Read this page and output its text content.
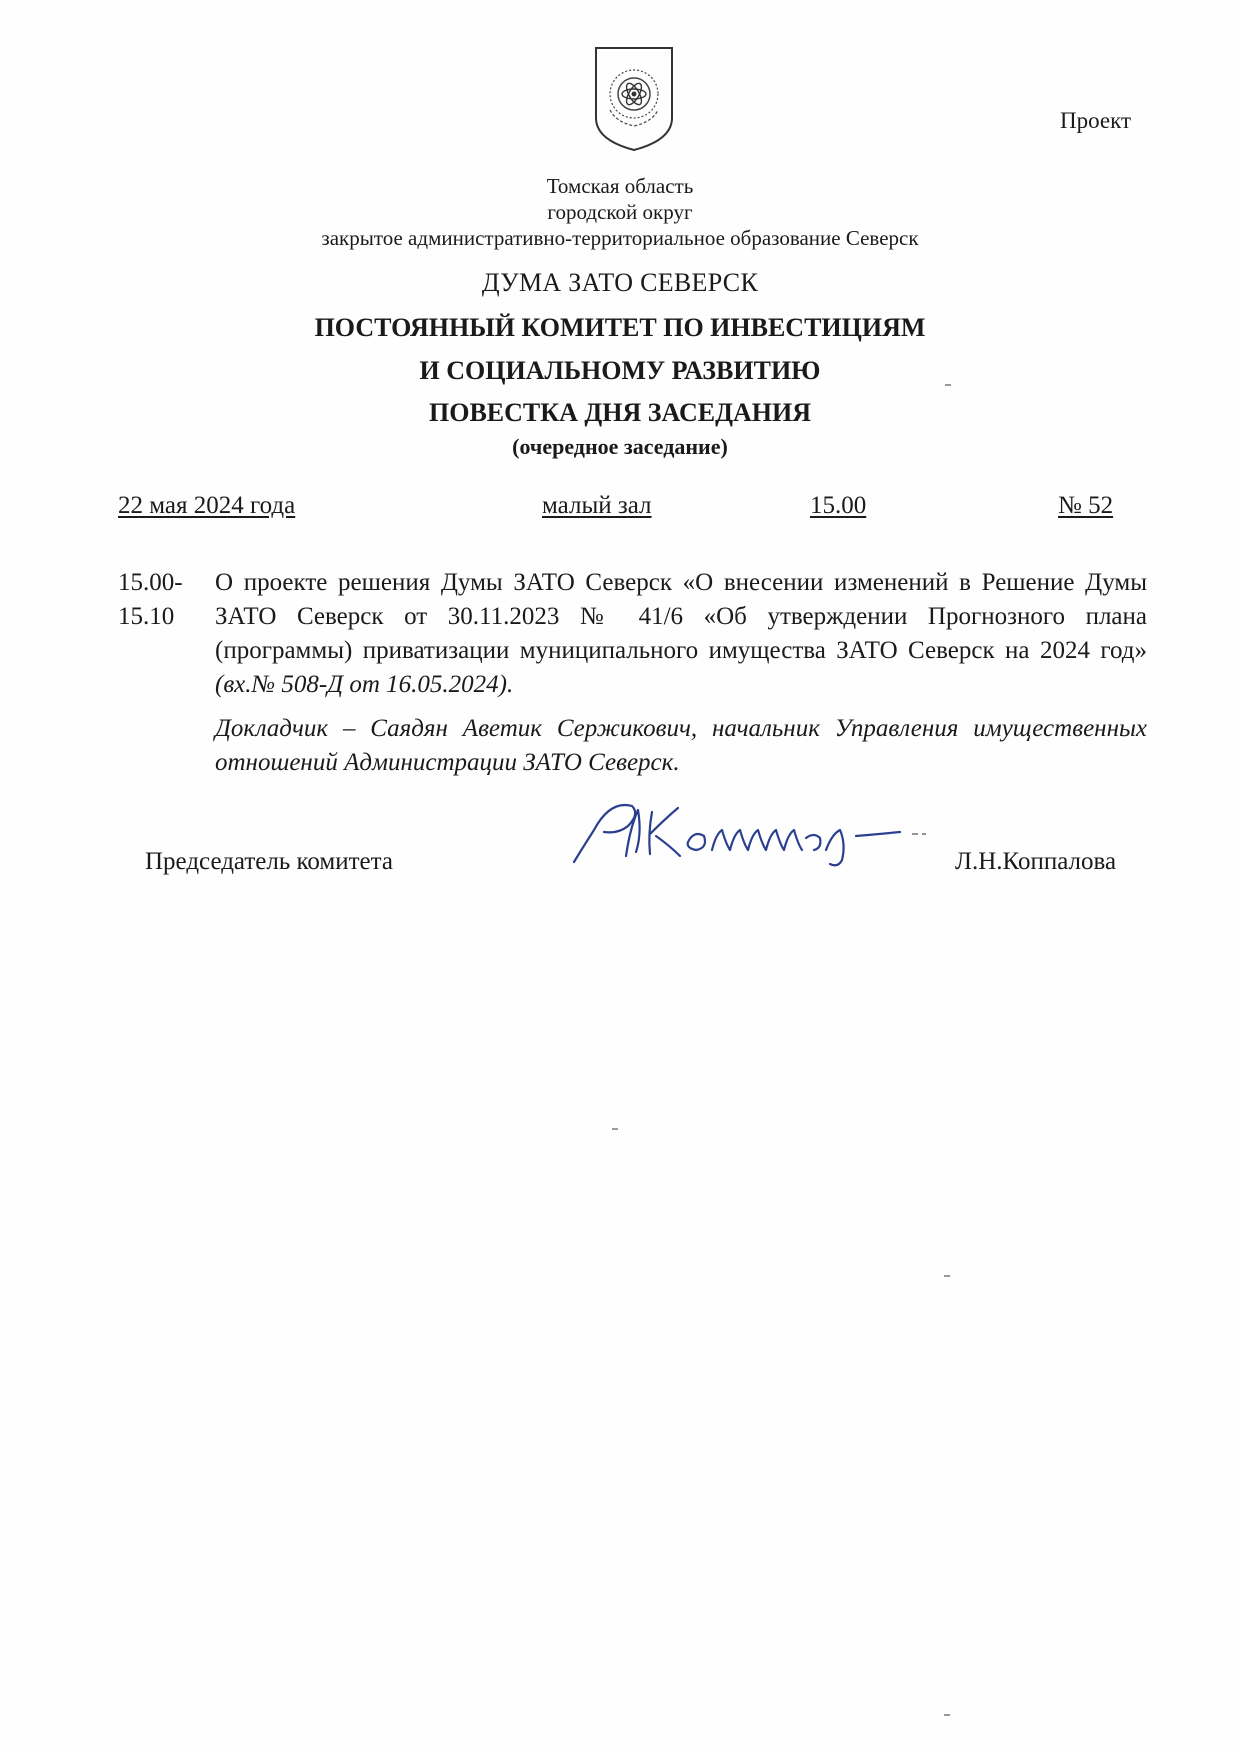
Проект
Томская область
городской округ
закрытое административно-территориальное образование Северск
ДУМА ЗАТО СЕВЕРСК
ПОСТОЯННЫЙ КОМИТЕТ ПО ИНВЕСТИЦИЯМ
И СОЦИАЛЬНОМУ РАЗВИТИЮ
ПОВЕСТКА ДНЯ ЗАСЕДАНИЯ
(очередное заседание)
22 мая 2024 года	малый зал	15.00	№ 52
15.00-
15.10

О проекте решения Думы ЗАТО Северск «О внесении изменений в Решение Думы ЗАТО Северск от 30.11.2023 № 41/6 «Об утверждении Прогнозного плана (программы) приватизации муниципального имущества ЗАТО Северск на 2024 год» (вх.№ 508-Д от 16.05.2024).

Докладчик – Саядян Аветик Сержикович, начальник Управления имущественных отношений Администрации ЗАТО Северск.

Председатель комитета	Л.Н.Коппалова
